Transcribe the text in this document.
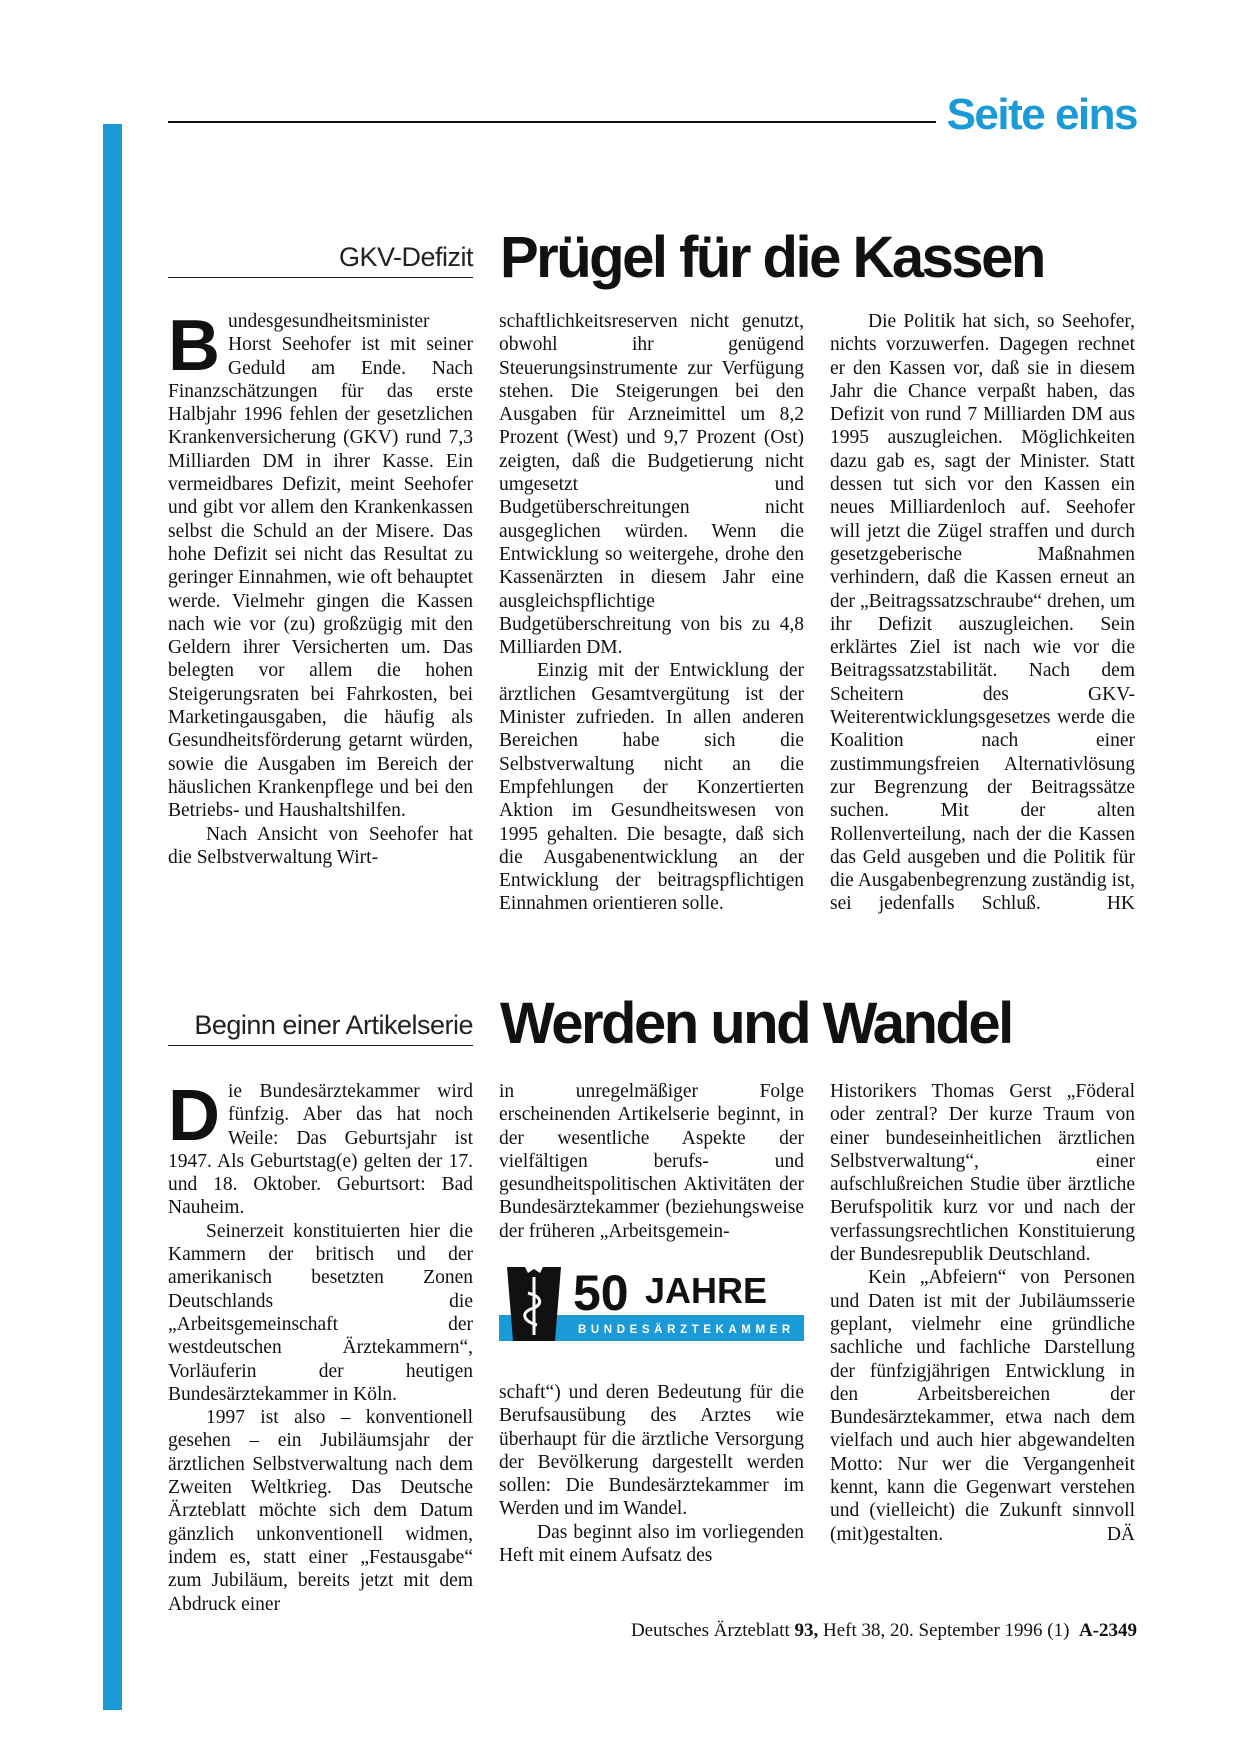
Seite eins
GKV-Defizit Prügel für die Kassen

Bundesgesundheitsminister Horst Seehofer ist mit seiner Geduld am Ende. Nach Finanzschätzungen für das erste Halbjahr 1996 fehlen der gesetzlichen Krankenversicherung (GKV) rund 7,3 Milliarden DM in ihrer Kasse. Ein vermeidbares Defizit, meint Seehofer und gibt vor allem den Krankenkassen selbst die Schuld an der Misere. Das hohe Defizit sei nicht das Resultat zu geringer Einnahmen, wie oft behauptet werde. Vielmehr gingen die Kassen nach wie vor (zu) großzügig mit den Geldern ihrer Versicherten um. Das belegten vor allem die hohen Steigerungsraten bei Fahrkosten, bei Marketingausgaben, die häufig als Gesundheitsförderung getarnt würden, sowie die Ausgaben im Bereich der häuslichen Krankenpflege und bei den Betriebs- und Haushaltshilfen.

Nach Ansicht von Seehofer hat die Selbstverwaltung Wirt-

schaftlichkeitsreserven nicht genutzt, obwohl ihr genügend Steuerungsinstrumente zur Verfügung stehen. Die Steigerungen bei den Ausgaben für Arzneimittel um 8,2 Prozent (West) und 9,7 Prozent (Ost) zeigten, daß die Budgetierung nicht umgesetzt und Budgetüberschreitungen nicht ausgeglichen würden. Wenn die Entwicklung so weitergehe, drohe den Kassenärzten in diesem Jahr eine ausgleichspflichtige Budgetüberschreitung von bis zu 4,8 Milliarden DM.

Einzig mit der Entwicklung der ärztlichen Gesamtvergütung ist der Minister zufrieden. In allen anderen Bereichen habe sich die Selbstverwaltung nicht an die Empfehlungen der Konzertierten Aktion im Gesundheitswesen von 1995 gehalten. Die besagte, daß sich die Ausgabenentwicklung an der Entwicklung der beitragspflichtigen Einnahmen orientieren solle.

Die Politik hat sich, so Seehofer, nichts vorzuwerfen. Dagegen rechnet er den Kassen vor, daß sie in diesem Jahr die Chance verpaßt haben, das Defizit von rund 7 Milliarden DM aus 1995 auszugleichen. Möglichkeiten dazu gab es, sagt der Minister. Statt dessen tut sich vor den Kassen ein neues Milliardenloch auf. Seehofer will jetzt die Zügel straffen und durch gesetzgeberische Maßnahmen verhindern, daß die Kassen erneut an der „Beitragssatzschraube“ drehen, um ihr Defizit auszugleichen. Sein erklärtes Ziel ist nach wie vor die Beitragssatzstabilität. Nach dem Scheitern des GKV-Weiterentwicklungsgesetzes werde die Koalition nach einer zustimmungsfreien Alternativlösung zur Begrenzung der Beitragssätze suchen. Mit der alten Rollenverteilung, nach der die Kassen das Geld ausgeben und die Politik für die Ausgabenbegrenzung zuständig ist, sei jedenfalls Schluß.  	HK

Beginn einer Artikelserie Werden und Wandel

Die Bundesärztekammer wird fünfzig. Aber das hat noch Weile: Das Geburtsjahr ist 1947. Als Geburtstag(e) gelten der 17. und 18. Oktober. Geburtsort: Bad Nauheim.

Seinerzeit konstituierten hier die Kammern der britisch und der amerikanisch besetzten Zonen Deutschlands die „Arbeitsgemeinschaft der westdeutschen Ärztekammern“, Vorläuferin der heutigen Bundesärztekammer in Köln.

1997 ist also – konventionell gesehen – ein Jubiläumsjahr der ärztlichen Selbstverwaltung nach dem Zweiten Weltkrieg. Das Deutsche Ärzteblatt möchte sich dem Datum gänzlich unkonventionell widmen, indem es, statt einer „Festausgabe“ zum Jubiläum, bereits jetzt mit dem Abdruck einer

in unregelmäßiger Folge erscheinenden Artikelserie beginnt, in der wesentliche Aspekte der vielfältigen berufs- und gesundheitspolitischen Aktivitäten der Bundesärztekammer (beziehungsweise der früheren „Arbeitsgemein-

50 JAHRE
BUNDESÄRZTEKAMMER

schaft“) und deren Bedeutung für die Berufsausübung des Arztes wie überhaupt für die ärztliche Versorgung der Bevölkerung dargestellt werden sollen: Die Bundesärztekammer im Werden und im Wandel.

Das beginnt also im vorliegenden Heft mit einem Aufsatz des

Historikers Thomas Gerst „Föderal oder zentral? Der kurze Traum von einer bundeseinheitlichen ärztlichen Selbstverwaltung“, einer aufschlußreichen Studie über ärztliche Berufspolitik kurz vor und nach der verfassungsrechtlichen Konstituierung der Bundesrepublik Deutschland.

Kein „Abfeiern“ von Personen und Daten ist mit der Jubiläumsserie geplant, vielmehr eine gründliche sachliche und fachliche Darstellung der fünfzigjährigen Entwicklung in den Arbeitsbereichen der Bundesärztekammer, etwa nach dem vielfach und auch hier abgewandelten Motto: Nur wer die Vergangenheit kennt, kann die Gegenwart verstehen und (vielleicht) die Zukunft sinnvoll (mit)gestalten.  	DÄ

Deutsches Ärzteblatt 93, Heft 38, 20. September 1996 (1) A-2349
